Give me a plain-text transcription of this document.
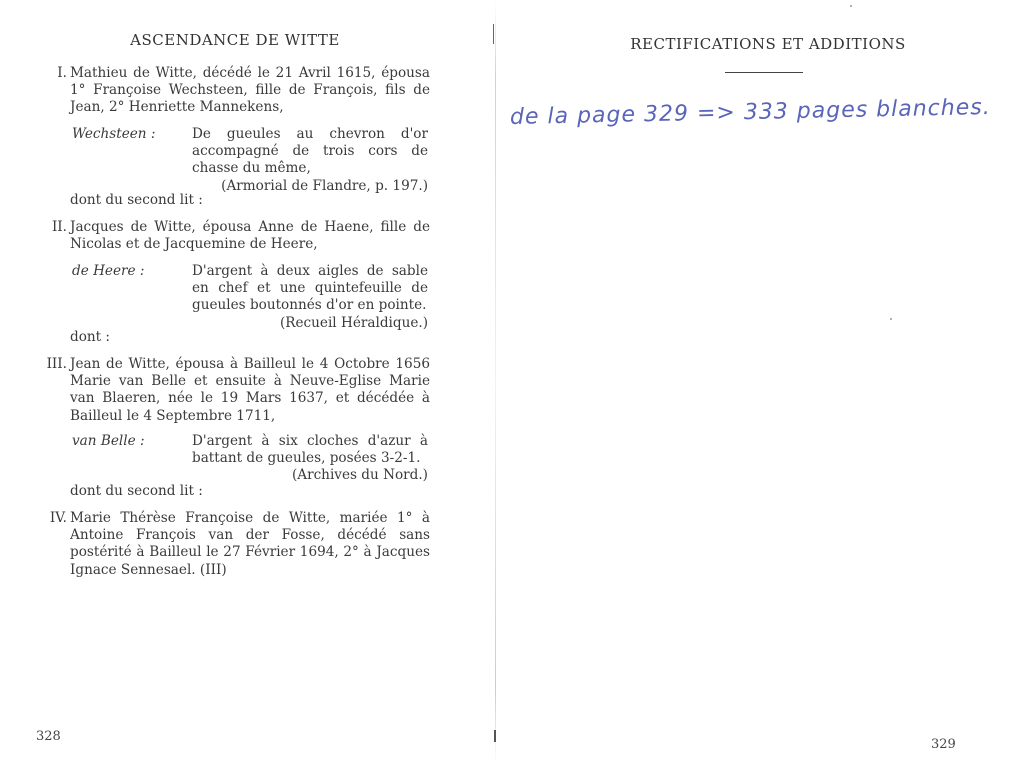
ASCENDANCE DE WITTE
I. Mathieu de Witte, décédé le 21 Avril 1615, épousa 1° Françoise Wechsteen, fille de François, fils de Jean, 2° Henriette Mannekens,
Wechsteen :	De gueules au chevron d'or accompagné de trois cors de chasse du même,
(Armorial de Flandre, p. 197.)
dont du second lit :
II. Jacques de Witte, épousa Anne de Haene, fille de Nicolas et de Jacquemine de Heere,
de Heere :	D'argent à deux aigles de sable en chef et une quintefeuille de gueules boutonnés d'or en pointe.
(Recueil Héraldique.)
dont :
III. Jean de Witte, épousa à Bailleul le 4 Octobre 1656 Marie van Belle et ensuite à Neuve-Eglise Marie van Blaeren, née le 19 Mars 1637, et décédée à Bailleul le 4 Septembre 1711,
van Belle :	D'argent à six cloches d'azur à battant de gueules, posées 3-2-1.
(Archives du Nord.)
dont du second lit :
IV. Marie Thérèse Françoise de Witte, mariée 1° à Antoine François van der Fosse, décédé sans postérité à Bailleul le 27 Février 1694, 2° à Jacques Ignace Sennesael. (III)
328
RECTIFICATIONS ET ADDITIONS
de la page 329 => 333 pages blanches.
329
